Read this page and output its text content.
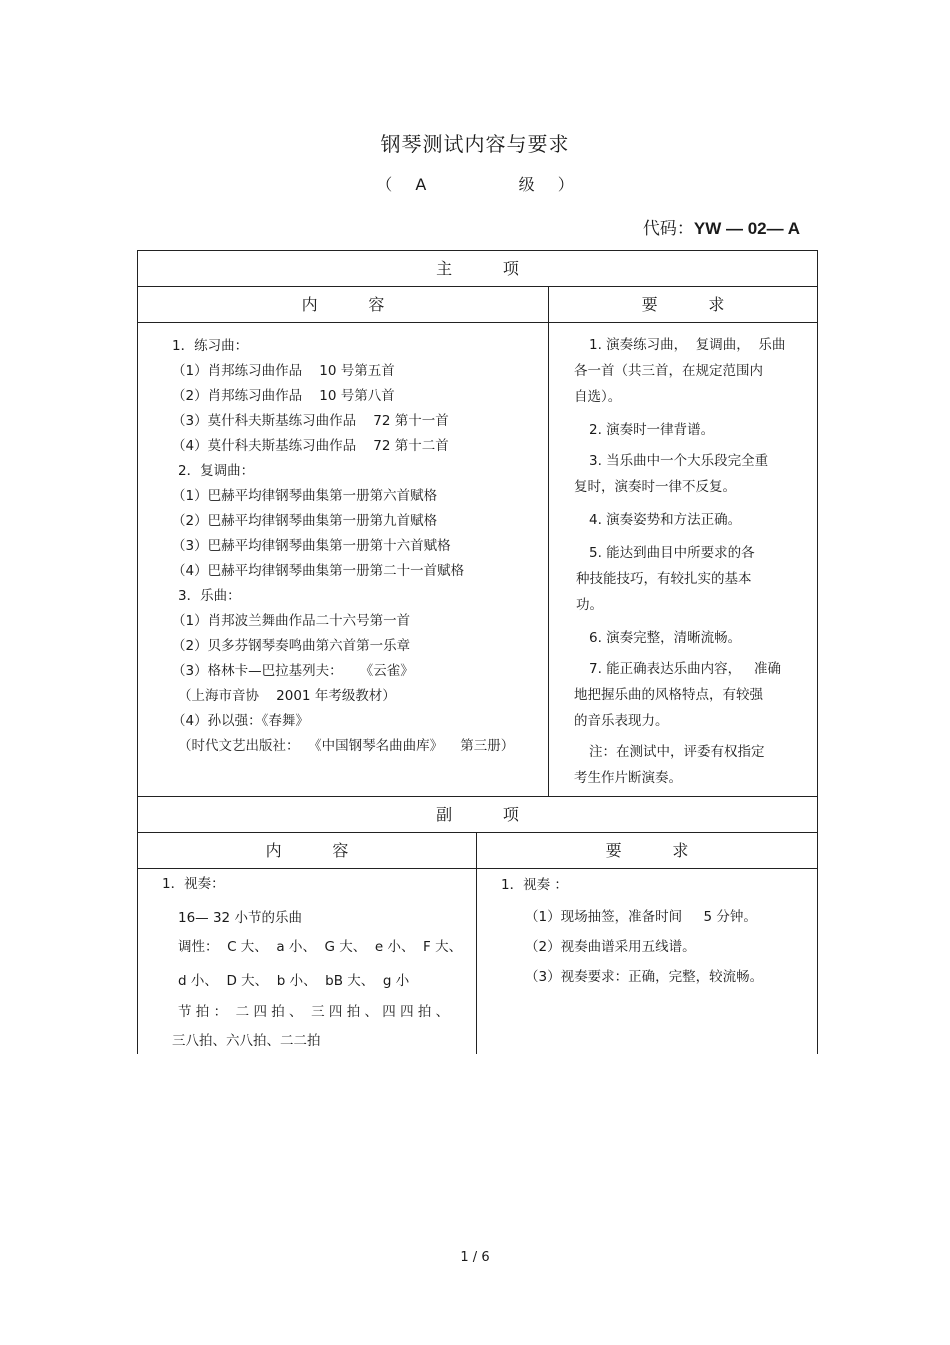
钢琴测试内容与要求
（ A    级 ）
代码：YW — 02— A
主          项
内          容	要          求
1．练习曲：
（1）肖邦练习曲作品    10 号第五首
（2）肖邦练习曲作品    10 号第八首
（3）莫什科夫斯基练习曲作品    72 第十一首
（4）莫什科夫斯基练习曲作品    72 第十二首
2．复调曲：
（1）巴赫平均律钢琴曲集第一册第六首赋格
（2）巴赫平均律钢琴曲集第一册第九首赋格
（3）巴赫平均律钢琴曲集第一册第十六首赋格
（4）巴赫平均律钢琴曲集第一册第二十一首赋格
3．乐曲：
（1）肖邦波兰舞曲作品二十六号第一首
（2）贝多芬钢琴奏鸣曲第六首第一乐章
（3）格林卡—巴拉基列夫：    《云雀》
（上海市音协    2001 年考级教材）
（4）孙以强：《春舞》
（时代文艺出版社：  《中国钢琴名曲曲库》    第三册）
1. 演奏练习曲，  复调曲，  乐曲
各一首（共三首，在规定范围内
自选）。
2. 演奏时一律背谱。
3. 当乐曲中一个大乐段完全重
复时，演奏时一律不反复。
4. 演奏姿势和方法正确。
5. 能达到曲目中所要求的各
种技能技巧，有较扎实的基本
功。
6. 演奏完整，清晰流畅。
7. 能正确表达乐曲内容，   准确
地把握乐曲的风格特点，有较强
的音乐表现力。
注：在测试中，评委有权指定
考生作片断演奏。
副          项
内          容	要          求
1．视奏：
16— 32 小节的乐曲
调性：  C 大、  a 小、  G 大、  e 小、  F 大、
d 小、  D 大、  b 小、  bB 大、  g 小
节 拍 ：  二 四 拍 、  三 四 拍 、 四 四 拍 、
三八拍、六八拍、二二拍
1．视奏 ：
（1）现场抽签，准备时间     5 分钟。
（2）视奏曲谱采用五线谱。
（3）视奏要求：正确，完整，较流畅。
1 / 6
